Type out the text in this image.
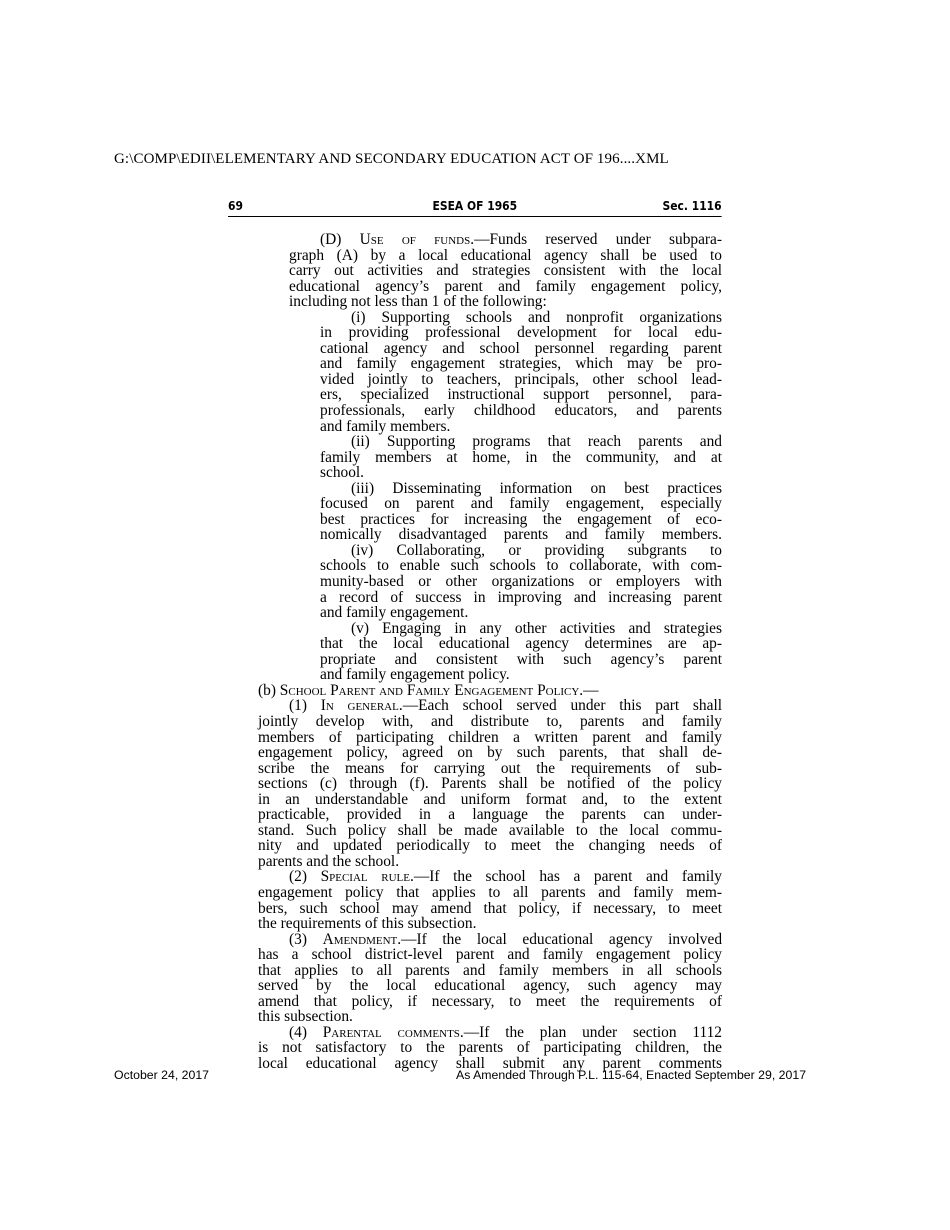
G:\COMP\EDII\ELEMENTARY AND SECONDARY EDUCATION ACT OF 196....XML
69	ESEA OF 1965	Sec. 1116
(D) Use of funds.—Funds reserved under subpara-
graph (A) by a local educational agency shall be used to
carry out activities and strategies consistent with the local
educational agency’s parent and family engagement policy,
including not less than 1 of the following:
(i) Supporting schools and nonprofit organizations
in providing professional development for local edu-
cational agency and school personnel regarding parent
and family engagement strategies, which may be pro-
vided jointly to teachers, principals, other school lead-
ers, specialized instructional support personnel, para-
professionals, early childhood educators, and parents
and family members.
(ii) Supporting programs that reach parents and
family members at home, in the community, and at
school.
(iii) Disseminating information on best practices
focused on parent and family engagement, especially
best practices for increasing the engagement of eco-
nomically disadvantaged parents and family members.
(iv) Collaborating, or providing subgrants to
schools to enable such schools to collaborate, with com-
munity-based or other organizations or employers with
a record of success in improving and increasing parent
and family engagement.
(v) Engaging in any other activities and strategies
that the local educational agency determines are ap-
propriate and consistent with such agency’s parent
and family engagement policy.
(b) School Parent and Family Engagement Policy.—
(1) In general.—Each school served under this part shall
jointly develop with, and distribute to, parents and family
members of participating children a written parent and family
engagement policy, agreed on by such parents, that shall de-
scribe the means for carrying out the requirements of sub-
sections (c) through (f). Parents shall be notified of the policy
in an understandable and uniform format and, to the extent
practicable, provided in a language the parents can under-
stand. Such policy shall be made available to the local commu-
nity and updated periodically to meet the changing needs of
parents and the school.
(2) Special rule.—If the school has a parent and family
engagement policy that applies to all parents and family mem-
bers, such school may amend that policy, if necessary, to meet
the requirements of this subsection.
(3) Amendment.—If the local educational agency involved
has a school district-level parent and family engagement policy
that applies to all parents and family members in all schools
served by the local educational agency, such agency may
amend that policy, if necessary, to meet the requirements of
this subsection.
(4) Parental comments.—If the plan under section 1112
is not satisfactory to the parents of participating children, the
local educational agency shall submit any parent comments
October 24, 2017	As Amended Through P.L. 115-64, Enacted September 29, 2017
